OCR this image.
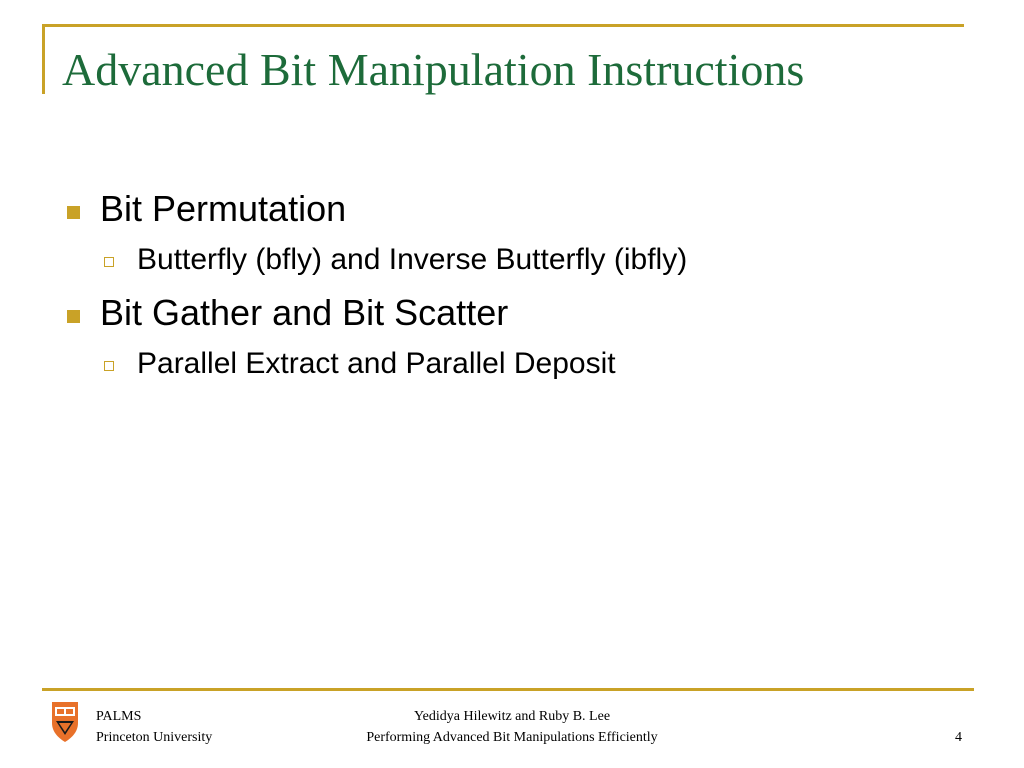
Advanced Bit Manipulation Instructions
Bit Permutation
Butterfly (bfly) and Inverse Butterfly (ibfly)
Bit Gather and Bit Scatter
Parallel Extract and Parallel Deposit
PALMS
Princeton University
Yedidya Hilewitz and Ruby B. Lee
Performing Advanced Bit Manipulations Efficiently	4
